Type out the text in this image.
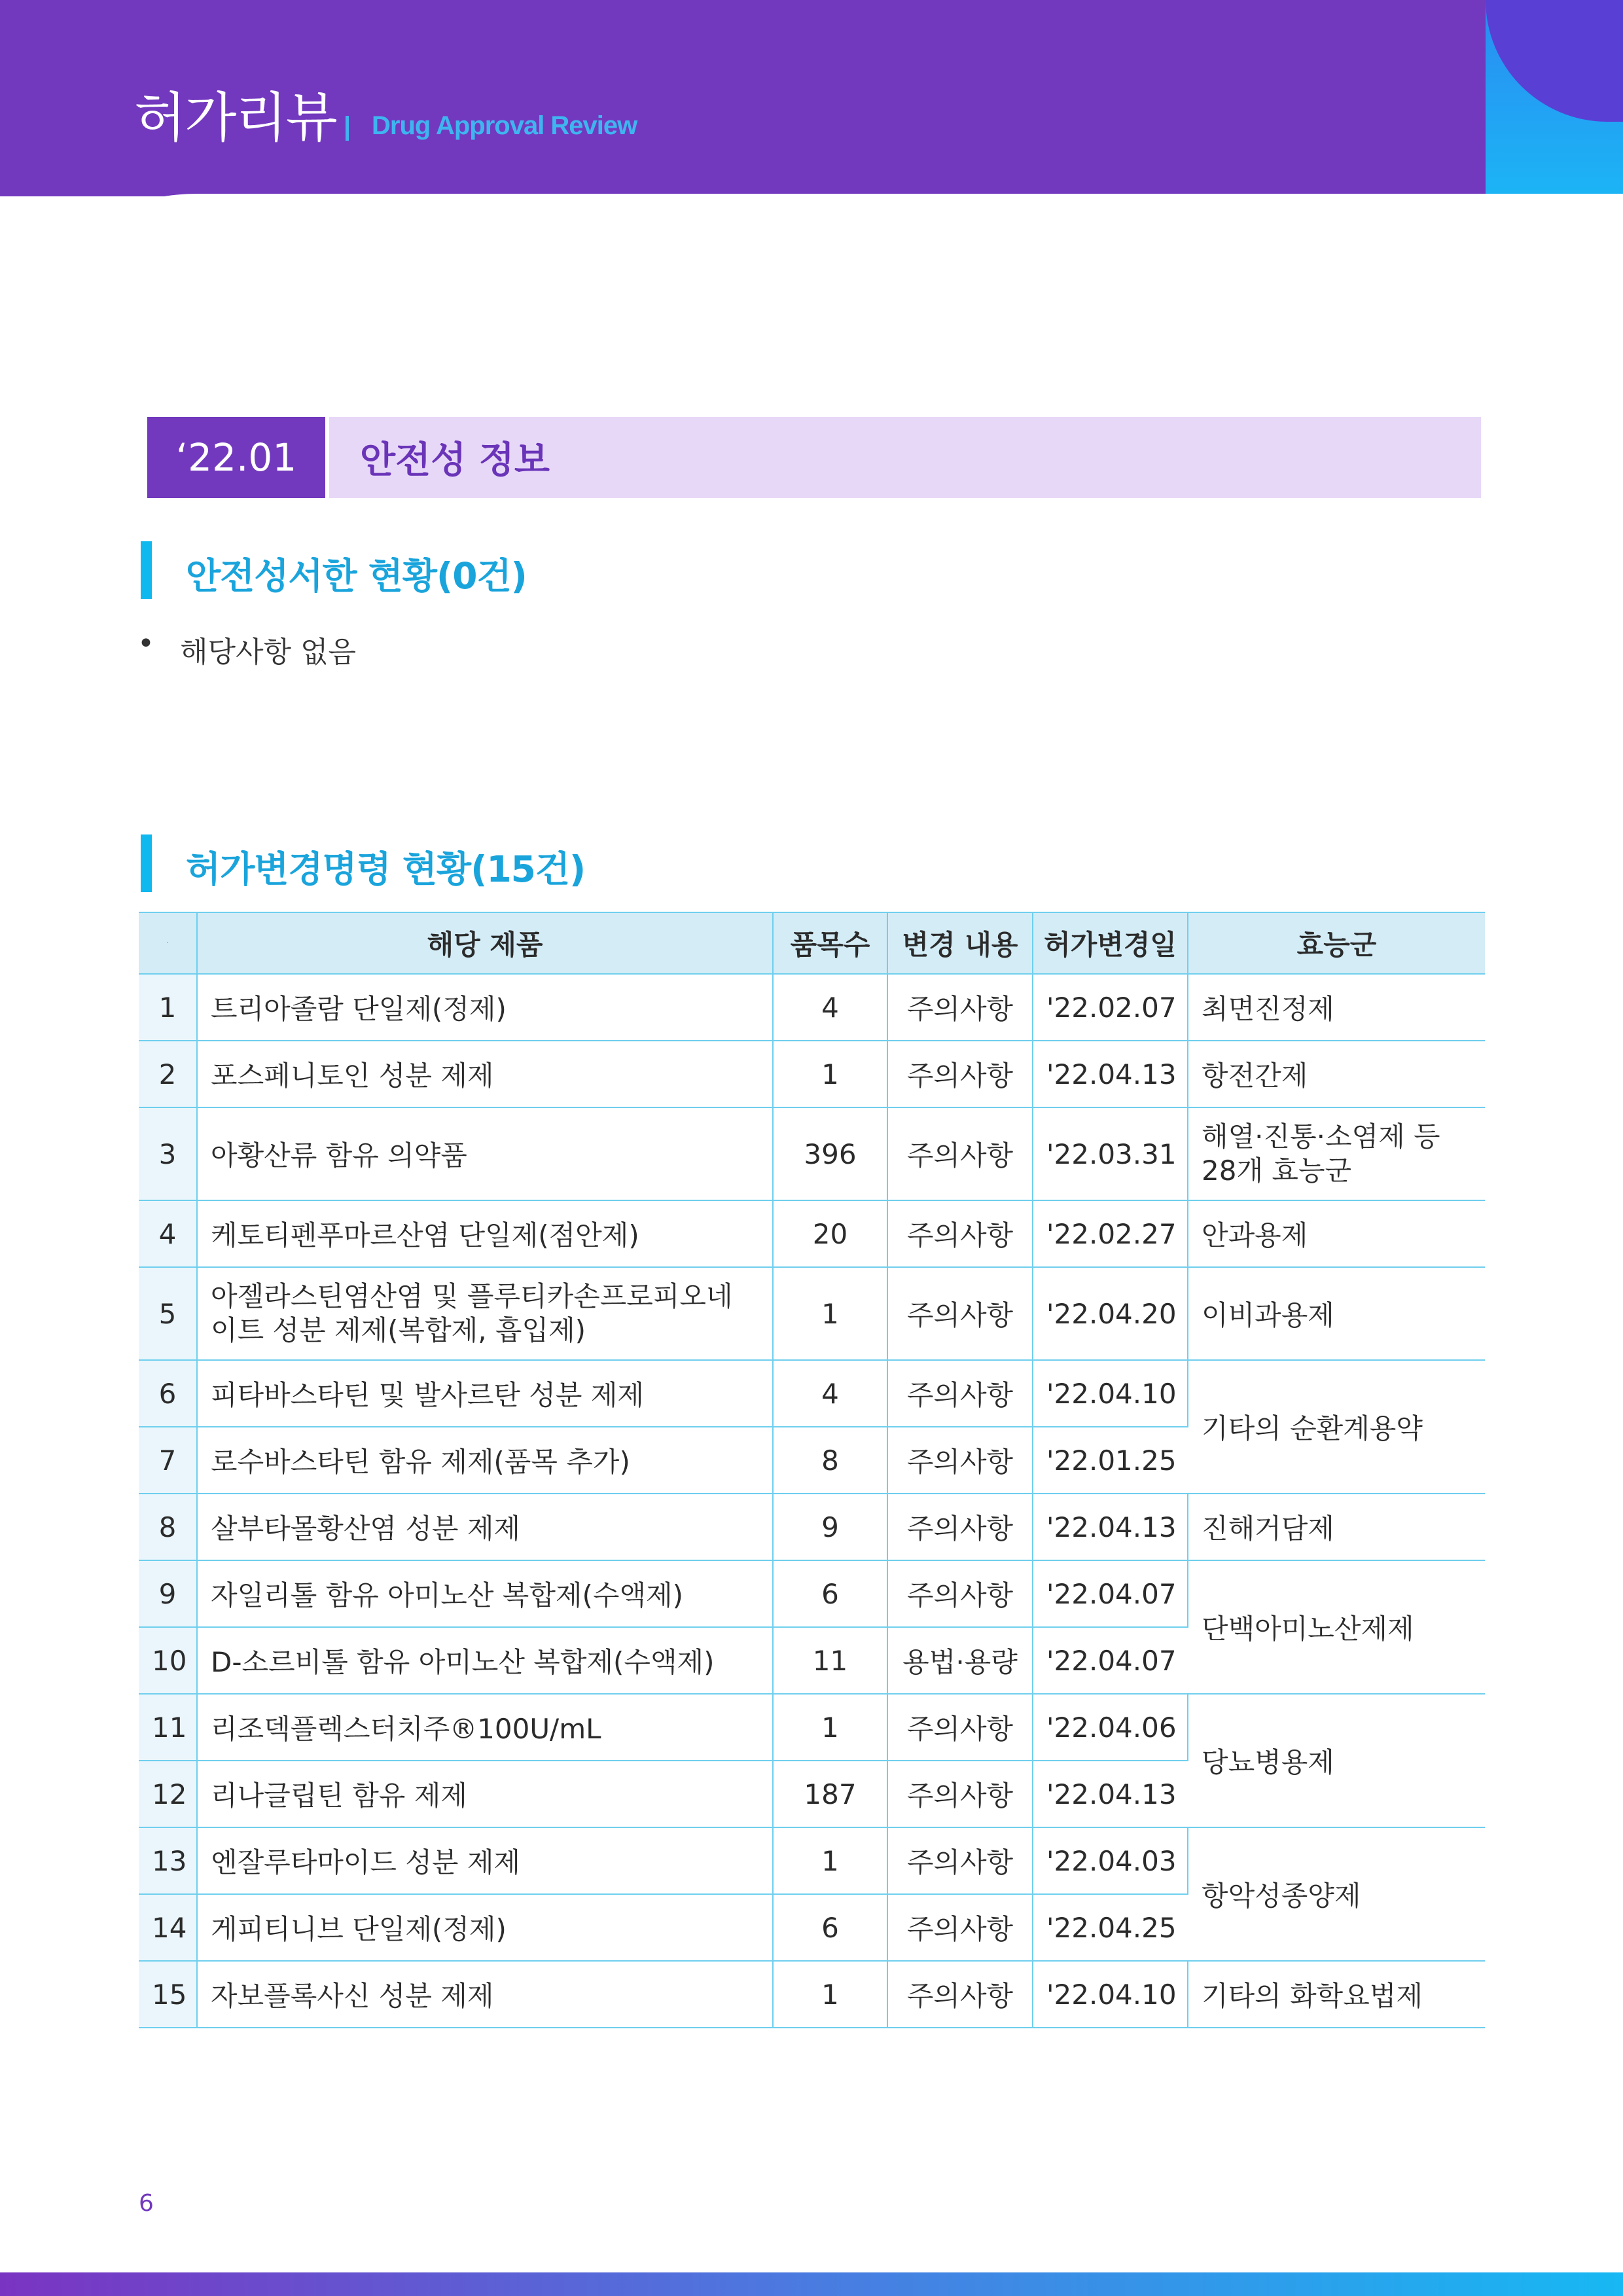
허가리뷰 Drug Approval Review
‘22.01	안전성 정보
안전성서한 현황(0건)
• 해당사항 없음
허가변경명령 현황(15건)
·	해당 제품	품목수	변경 내용	허가변경일	효능군
1	트리아졸람 단일제(정제)	4	주의사항	'22.02.07	최면진정제
2	포스페니토인 성분 제제	1	주의사항	'22.04.13	항전간제
3	아황산류 함유 의약품	396	주의사항	'22.03.31	해열·진통·소염제 등 28개 효능군
4	케토티펜푸마르산염 단일제(점안제)	20	주의사항	'22.02.27	안과용제
5	아젤라스틴염산염 및 플루티카손프로피오네이트 성분 제제(복합제, 흡입제)	1	주의사항	'22.04.20	이비과용제
6	피타바스타틴 및 발사르탄 성분 제제	4	주의사항	'22.04.10	기타의 순환계용약
7	로수바스타틴 함유 제제(품목 추가)	8	주의사항	'22.01.25	
8	살부타몰황산염 성분 제제	9	주의사항	'22.04.13	진해거담제
9	자일리톨 함유 아미노산 복합제(수액제)	6	주의사항	'22.04.07	단백아미노산제제
10	D-소르비톨 함유 아미노산 복합제(수액제)	11	용법·용량	'22.04.07	
11	리조덱플렉스터치주®100U/mL	1	주의사항	'22.04.06	당뇨병용제
12	리나글립틴 함유 제제	187	주의사항	'22.04.13	
13	엔잘루타마이드 성분 제제	1	주의사항	'22.04.03	항악성종양제
14	게피티니브 단일제(정제)	6	주의사항	'22.04.25	
15	자보플록사신 성분 제제	1	주의사항	'22.04.10	기타의 화학요법제
6
